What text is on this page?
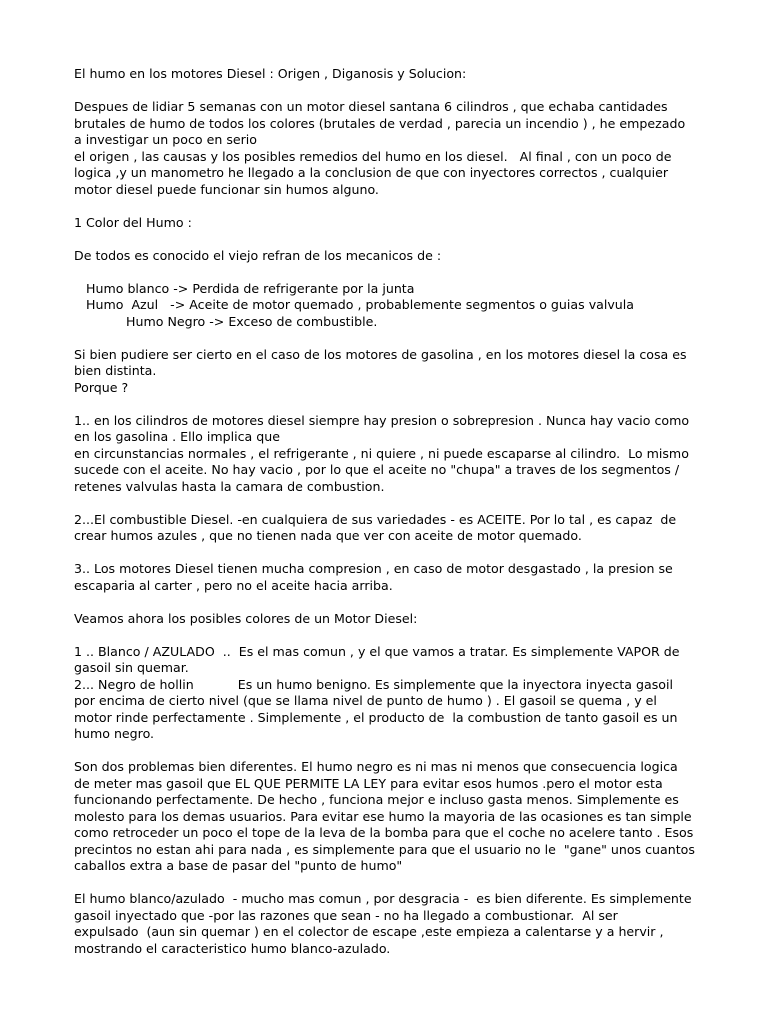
El humo en los motores Diesel : Origen , Diganosis y Solucion:

Despues de lidiar 5 semanas con un motor diesel santana 6 cilindros , que echaba cantidades brutales de humo de todos los colores (brutales de verdad , parecia un incendio ) , he empezado a investigar un poco en serio
el origen , las causas y los posibles remedios del humo en los diesel.   Al final , con un poco de logica ,y un manometro he llegado a la conclusion de que con inyectores correctos , cualquier motor diesel puede funcionar sin humos alguno.

1 Color del Humo :

De todos es conocido el viejo refran de los mecanicos de :

Humo blanco -> Perdida de refrigerante por la junta

Humo  Azul   -> Aceite de motor quemado , probablemente segmentos o guias valvula

Humo Negro -> Exceso de combustible.

Si bien pudiere ser cierto en el caso de los motores de gasolina , en los motores diesel la cosa es bien distinta.
Porque ?

1.. en los cilindros de motores diesel siempre hay presion o sobrepresion . Nunca hay vacio como en los gasolina . Ello implica que
en circunstancias normales , el refrigerante , ni quiere , ni puede escaparse al cilindro.  Lo mismo sucede con el aceite. No hay vacio , por lo que el aceite no "chupa" a traves de los segmentos / retenes valvulas hasta la camara de combustion.

2...El combustible Diesel. -en cualquiera de sus variedades - es ACEITE. Por lo tal , es capaz  de crear humos azules , que no tienen nada que ver con aceite de motor quemado.

3.. Los motores Diesel tienen mucha compresion , en caso de motor desgastado , la presion se escaparia al carter , pero no el aceite hacia arriba.

Veamos ahora los posibles colores de un Motor Diesel:

1 .. Blanco / AZULADO  ..  Es el mas comun , y el que vamos a tratar. Es simplemente VAPOR de gasoil sin quemar.

2... Negro de hollin           Es un humo benigno. Es simplemente que la inyectora inyecta gasoil por encima de cierto nivel (que se llama nivel de punto de humo ) . El gasoil se quema , y el motor rinde perfectamente . Simplemente , el producto de  la combustion de tanto gasoil es un humo negro.

Son dos problemas bien diferentes. El humo negro es ni mas ni menos que consecuencia logica de meter mas gasoil que EL QUE PERMITE LA LEY para evitar esos humos .pero el motor esta funcionando perfectamente. De hecho , funciona mejor e incluso gasta menos. Simplemente es molesto para los demas usuarios. Para evitar ese humo la mayoria de las ocasiones es tan simple como retroceder un poco el tope de la leva de la bomba para que el coche no acelere tanto . Esos precintos no estan ahi para nada , es simplemente para que el usuario no le  "gane" unos cuantos caballos extra a base de pasar del "punto de humo"

El humo blanco/azulado  - mucho mas comun , por desgracia -  es bien diferente. Es simplemente gasoil inyectado que -por las razones que sean - no ha llegado a combustionar.  Al ser
expulsado  (aun sin quemar ) en el colector de escape ,este empieza a calentarse y a hervir , mostrando el caracteristico humo blanco-azulado.
